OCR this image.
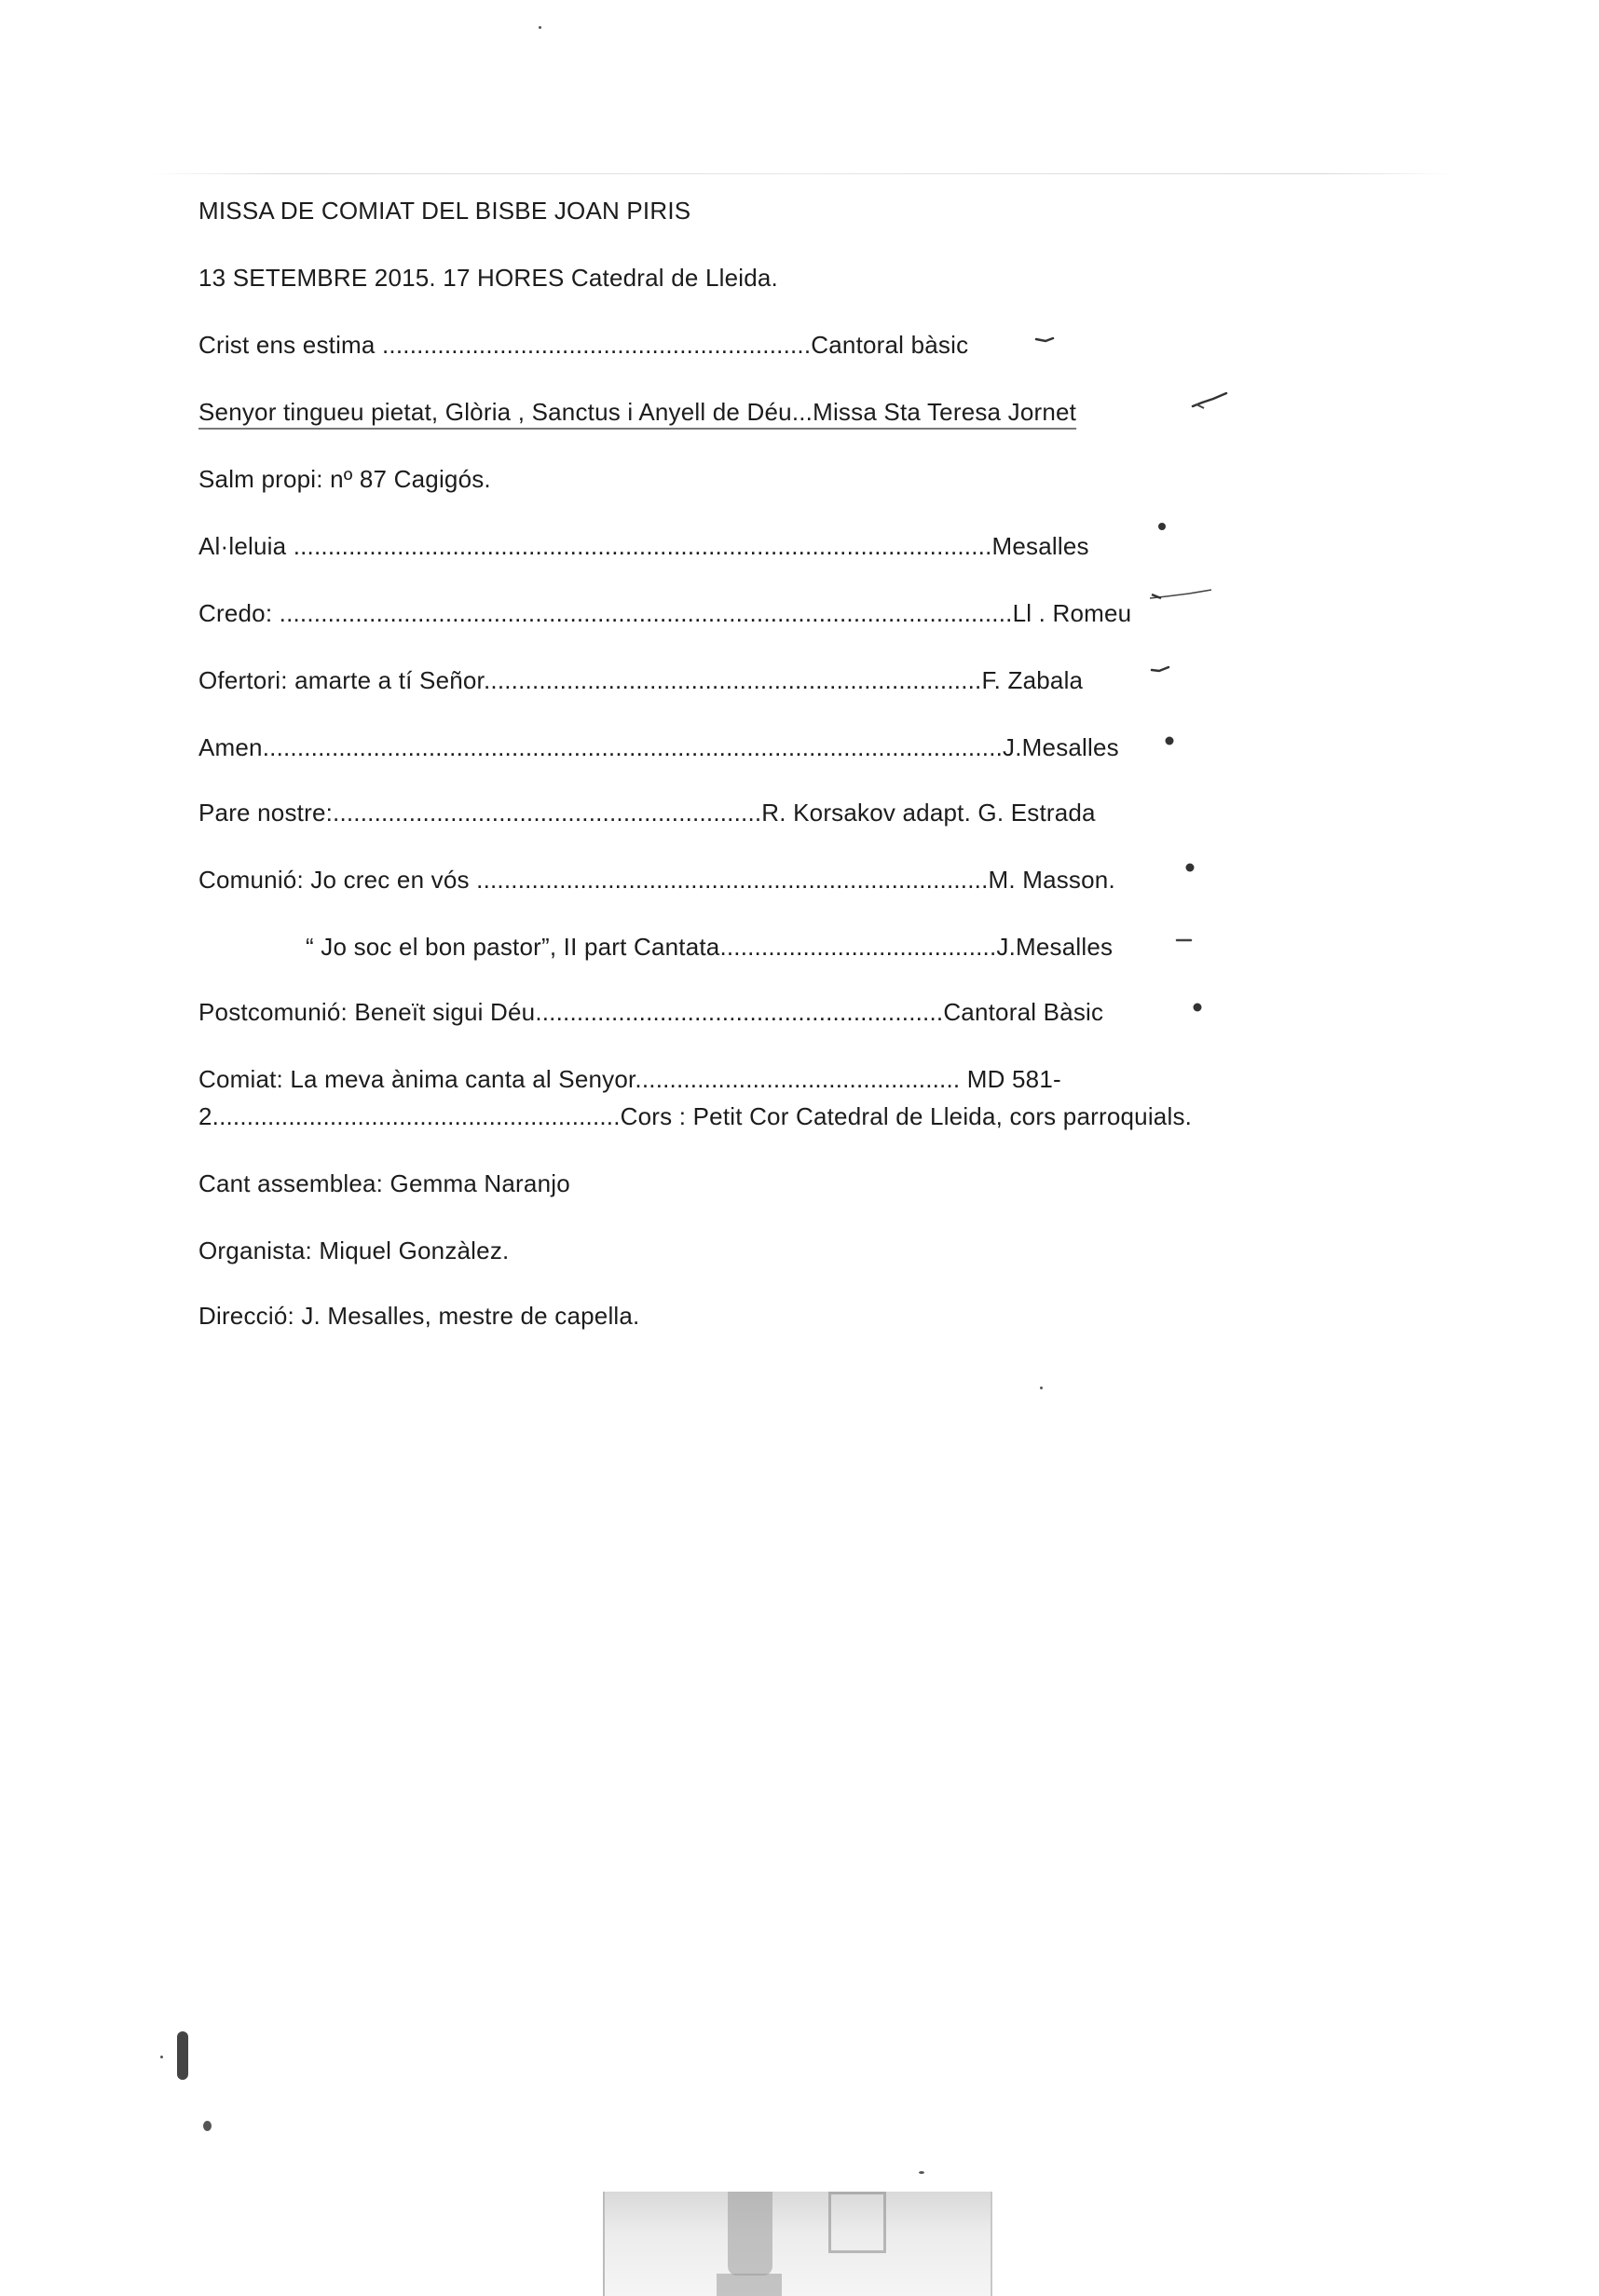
MISSA DE COMIAT DEL BISBE JOAN PIRIS
13 SETEMBRE 2015. 17 HORES Catedral de Lleida.
Crist ens estima ..............................................................Cantoral bàsic
Senyor tingueu pietat, Glòria , Sanctus i Anyell de Déu...Missa Sta Teresa Jornet
Salm propi: nº 87 Cagigós.
Al·leluia .....................................................................................................Mesalles
Credo: ..........................................................................................................Ll . Romeu
Ofertori: amarte a tí Señor........................................................................F. Zabala
Amen...........................................................................................................J.Mesalles
Pare nostre:..............................................................R. Korsakov adapt. G. Estrada
Comunió: Jo crec en vós ..........................................................................M. Masson.
“ Jo soc el bon pastor”, II part Cantata........................................J.Mesalles
Postcomunió: Beneït sigui Déu...........................................................Cantoral Bàsic
Comiat: La meva ànima canta al Senyor............................................... MD 581-
2...........................................................Cors : Petit Cor Catedral de Lleida, cors parroquials.
Cant assemblea: Gemma Naranjo
Organista: Miquel Gonzàlez.
Direcció: J. Mesalles, mestre de capella.
